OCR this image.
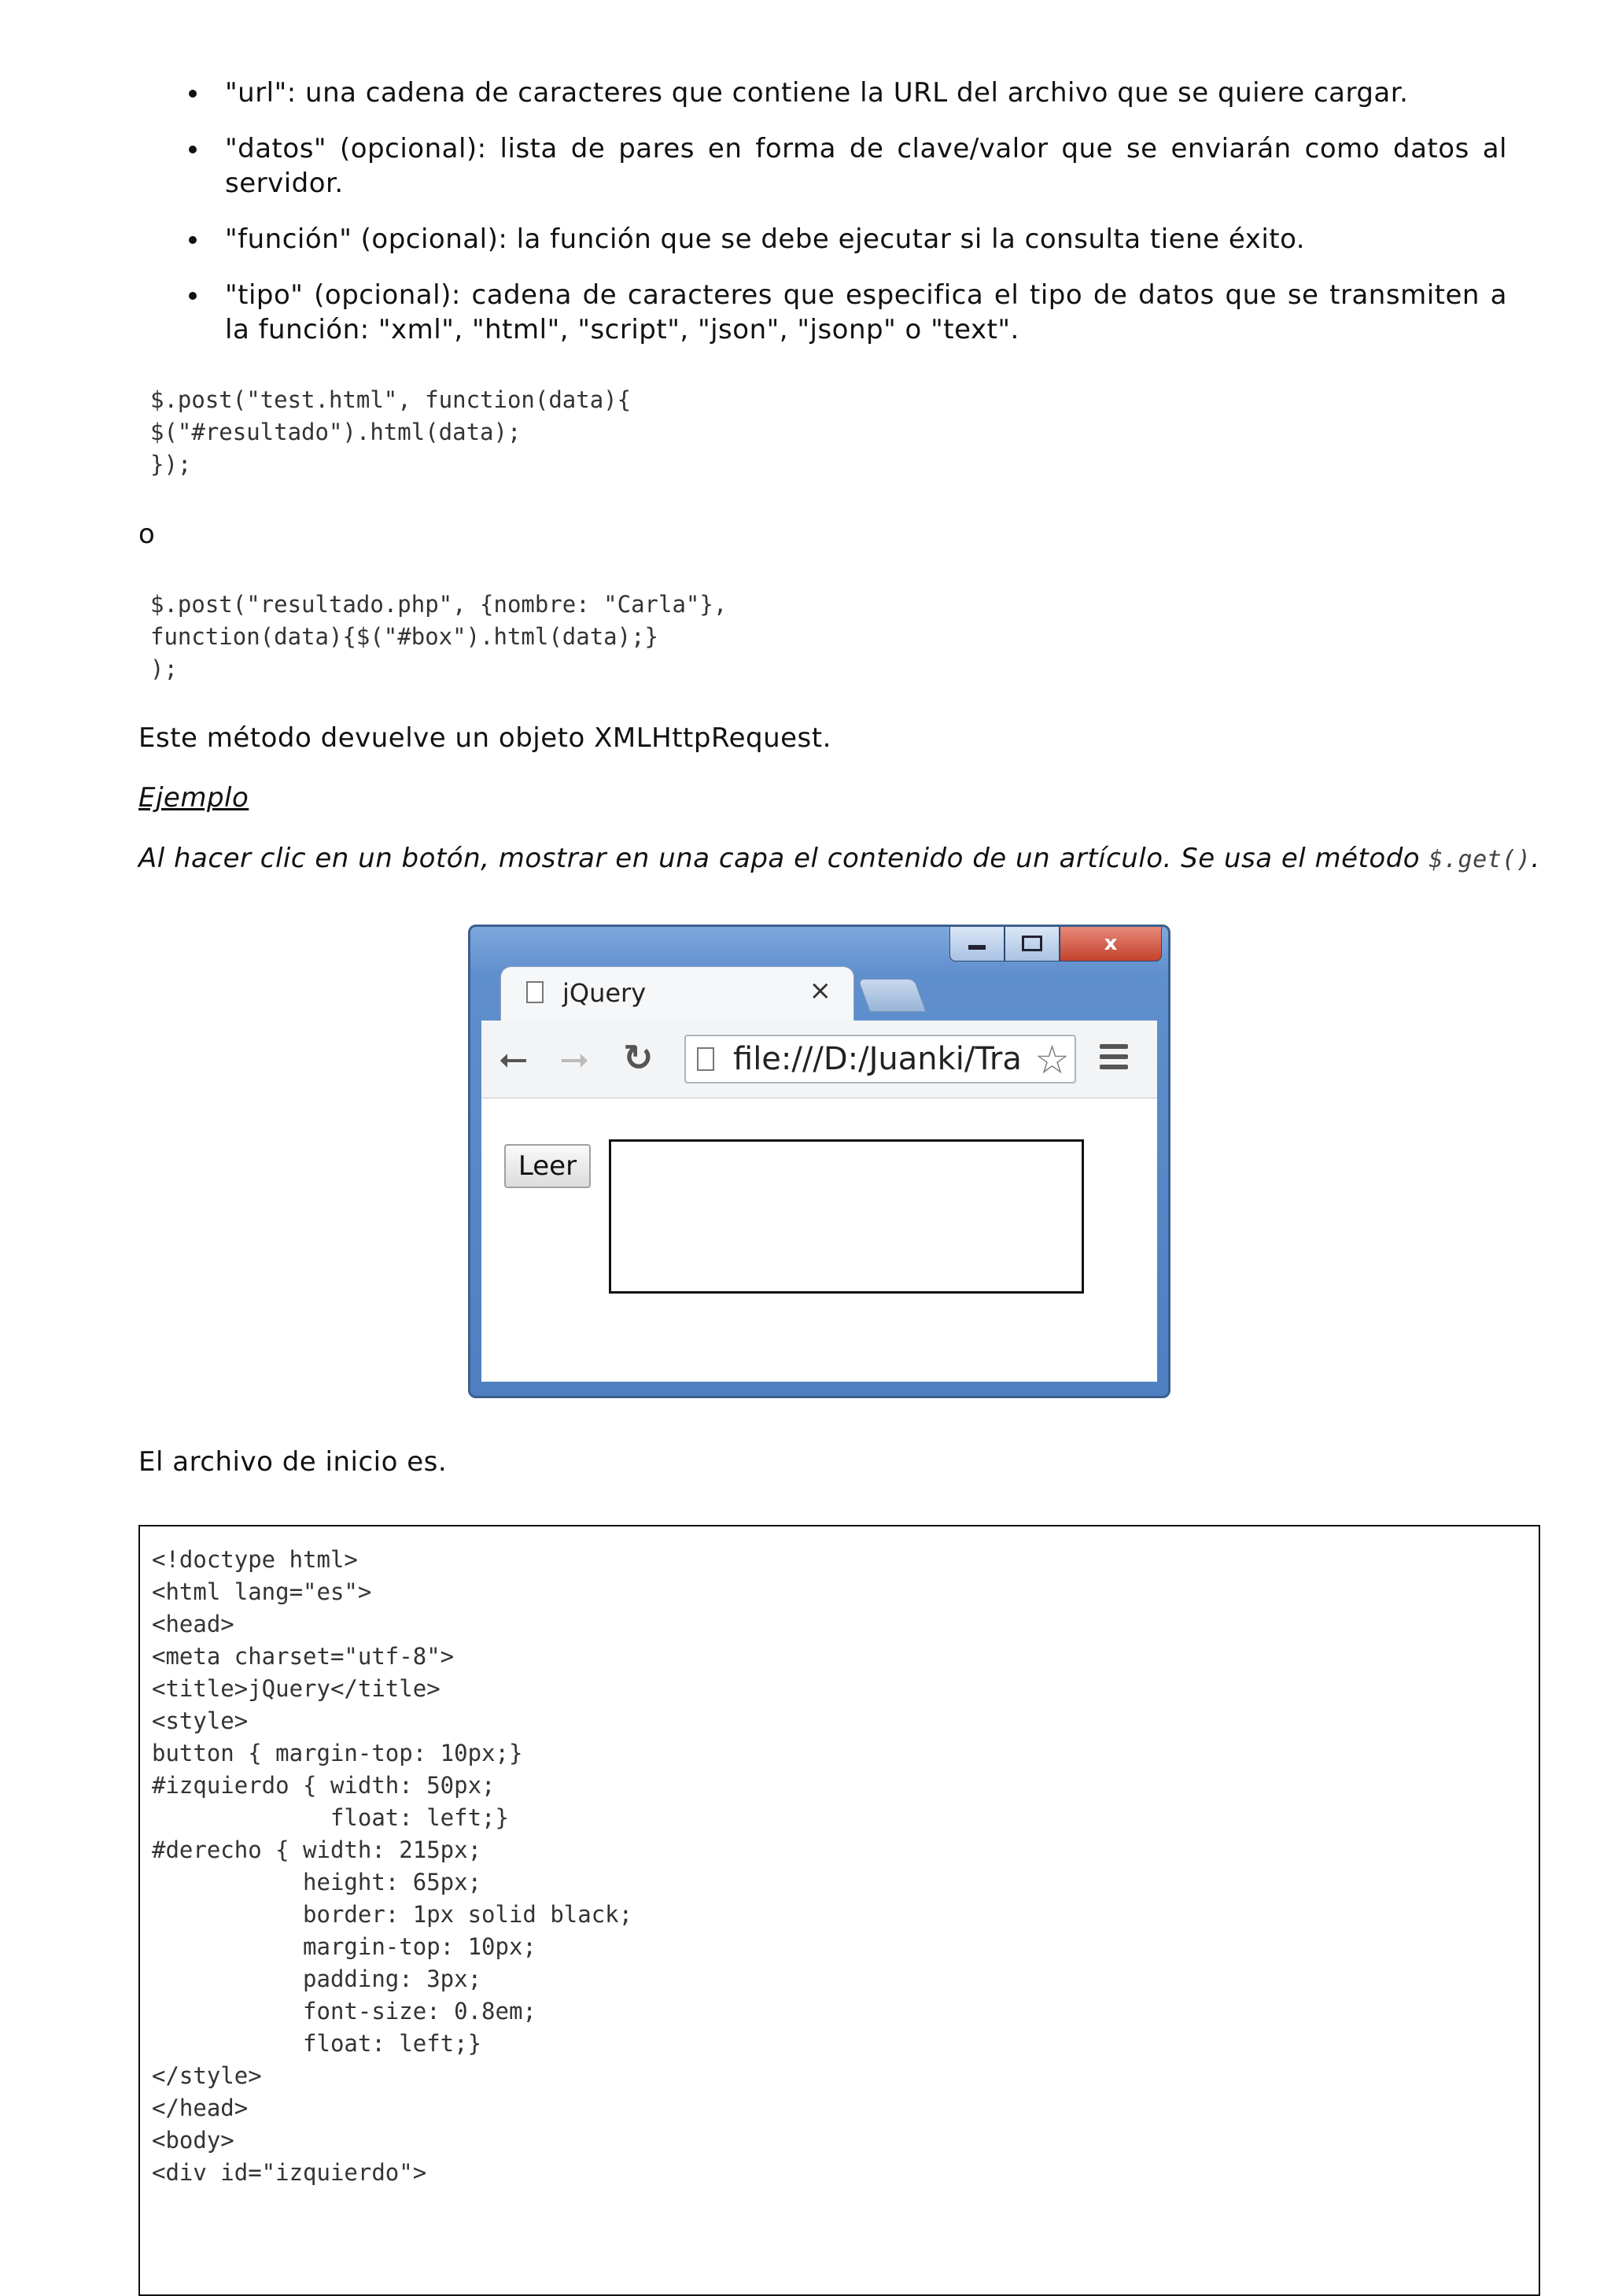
"url": una cadena de caracteres que contiene la URL del archivo que se quiere cargar.
"datos" (opcional): lista de pares en forma de clave/valor que se enviarán como datos al servidor.
"función" (opcional): la función que se debe ejecutar si la consulta tiene éxito.
"tipo" (opcional): cadena de caracteres que especifica el tipo de datos que se transmiten a la función: "xml", "html", "script", "json", "jsonp" o "text".
$.post("test.html", function(data){
$("#resultado").html(data);
});
o
$.post("resultado.php", {nombre: "Carla"},
function(data){$("#box").html(data);}
);
Este método devuelve un objeto XMLHttpRequest.
Ejemplo
Al hacer clic en un botón, mostrar en una capa el contenido de un artículo. Se usa el método $.get().
x
jQuery	×
⭠ ⭢ ↻	file:///D:/Juanki/Tra ☆
Leer
El archivo de inicio es.
<!doctype html>
<html lang="es">
<head>
<meta charset="utf-8">
<title>jQuery</title>
<style>
button { margin-top: 10px;}
#izquierdo { width: 50px;
float: left;}
#derecho { width: 215px;
height: 65px;
border: 1px solid black;
margin-top: 10px;
padding: 3px;
font-size: 0.8em;
float: left;}
</style>
</head>
<body>
<div id="izquierdo">
